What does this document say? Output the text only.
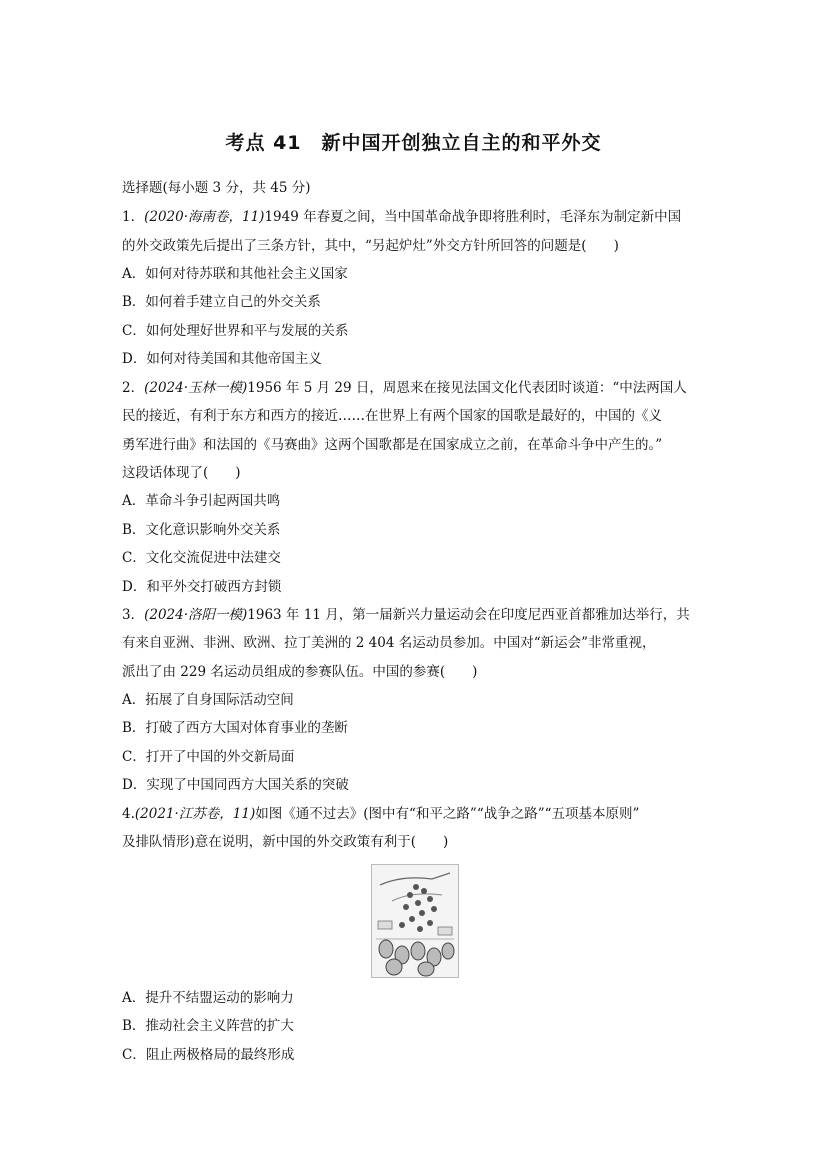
考点 41　新中国开创独立自主的和平外交
选择题(每小题 3 分，共 45 分)
1．(2020·海南卷，11)1949 年春夏之间，当中国革命战争即将胜利时，毛泽东为制定新中国
的外交政策先后提出了三条方针，其中，“另起炉灶”外交方针所回答的问题是(　　)
A．如何对待苏联和其他社会主义国家
B．如何着手建立自己的外交关系
C．如何处理好世界和平与发展的关系
D．如何对待美国和其他帝国主义
2．(2024·玉林一模)1956 年 5 月 29 日，周恩来在接见法国文化代表团时谈道：“中法两国人
民的接近，有利于东方和西方的接近……在世界上有两个国家的国歌是最好的，中国的《义
勇军进行曲》和法国的《马赛曲》这两个国歌都是在国家成立之前，在革命斗争中产生的。”
这段话体现了(　　)
A．革命斗争引起两国共鸣
B．文化意识影响外交关系
C．文化交流促进中法建交
D．和平外交打破西方封锁
3．(2024·洛阳一模)1963 年 11 月，第一届新兴力量运动会在印度尼西亚首都雅加达举行，共
有来自亚洲、非洲、欧洲、拉丁美洲的 2 404 名运动员参加。中国对“新运会”非常重视，
派出了由 229 名运动员组成的参赛队伍。中国的参赛(　　)
A．拓展了自身国际活动空间
B．打破了西方大国对体育事业的垄断
C．打开了中国的外交新局面
D．实现了中国同西方大国关系的突破
4.(2021·江苏卷，11)如图《通不过去》(图中有“和平之路”“战争之路”“五项基本原则”
及排队情形)意在说明，新中国的外交政策有利于(　　)
A．提升不结盟运动的影响力
B．推动社会主义阵营的扩大
C．阻止两极格局的最终形成
